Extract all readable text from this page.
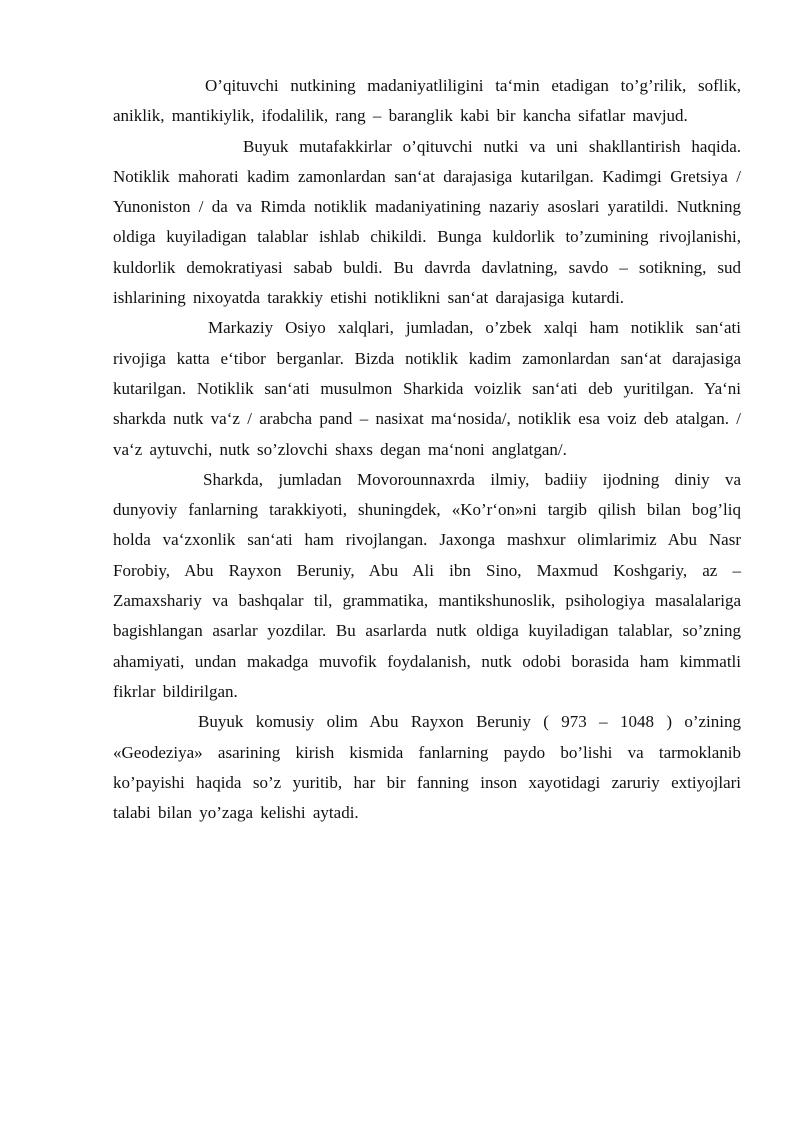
O’qituvchi nutkining madaniyatliligini ta‘min etadigan to’g’rilik, soflik, aniklik, mantikiylik, ifodalilik, rang – baranglik kabi bir kancha sifatlar mavjud.

Buyuk mutafakkirlar o’qituvchi nutki va uni shakllantirish haqida. Notiklik mahorati kadim zamonlardan san‘at darajasiga kutarilgan. Kadimgi Gretsiya / Yunoniston / da va Rimda notiklik madaniyatining nazariy asoslari yaratildi. Nutkning oldiga kuyiladigan talablar ishlab chikildi. Bunga kuldorlik to’zumining rivojlanishi, kuldorlik demokratiyasi sabab buldi. Bu davrda davlatning, savdo – sotikning, sud ishlarining nixoyatda tarakkiy etishi notiklikni san‘at darajasiga kutardi.

Markaziy Osiyo xalqlari, jumladan, o’zbek xalqi ham notiklik san‘ati rivojiga katta e‘tibor berganlar. Bizda notiklik kadim zamonlardan san‘at darajasiga kutarilgan. Notiklik san‘ati musulmon Sharkida voizlik san‘ati deb yuritilgan. Ya‘ni sharkda nutk va‘z / arabcha pand – nasixat ma‘nosida/, notiklik esa voiz deb atalgan. / va‘z aytuvchi, nutk so’zlovchi shaxs degan ma‘noni anglatgan/.

Sharkda, jumladan Movorounnaxrda ilmiy, badiiy ijodning diniy va dunyoviy fanlarning tarakkiyoti, shuningdek, «Ko’r‘on»ni targib qilish bilan bog’liq holda va‘zxonlik san‘ati ham rivojlangan. Jaxonga mashxur olimlarimiz Abu Nasr Forobiy, Abu Rayxon Beruniy, Abu Ali ibn Sino, Maxmud Koshgariy, az – Zamaxshariy va bashqalar til, grammatika, mantikshunoslik, psihologiya masalalariga bagishlangan asarlar yozdilar. Bu asarlarda nutk oldiga kuyiladigan talablar, so’zning ahamiyati, undan makadga muvofik foydalanish, nutk odobi borasida ham kimmatli fikrlar bildirilgan.

Buyuk komusiy olim Abu Rayxon Beruniy ( 973 – 1048 ) o’zining «Geodeziya» asarining kirish kismida fanlarning paydo bo’lishi va tarmoklanib ko’payishi haqida so’z yuritib, har bir fanning inson xayotidagi zaruriy extiyojlari talabi bilan yo’zaga kelishi aytadi.
